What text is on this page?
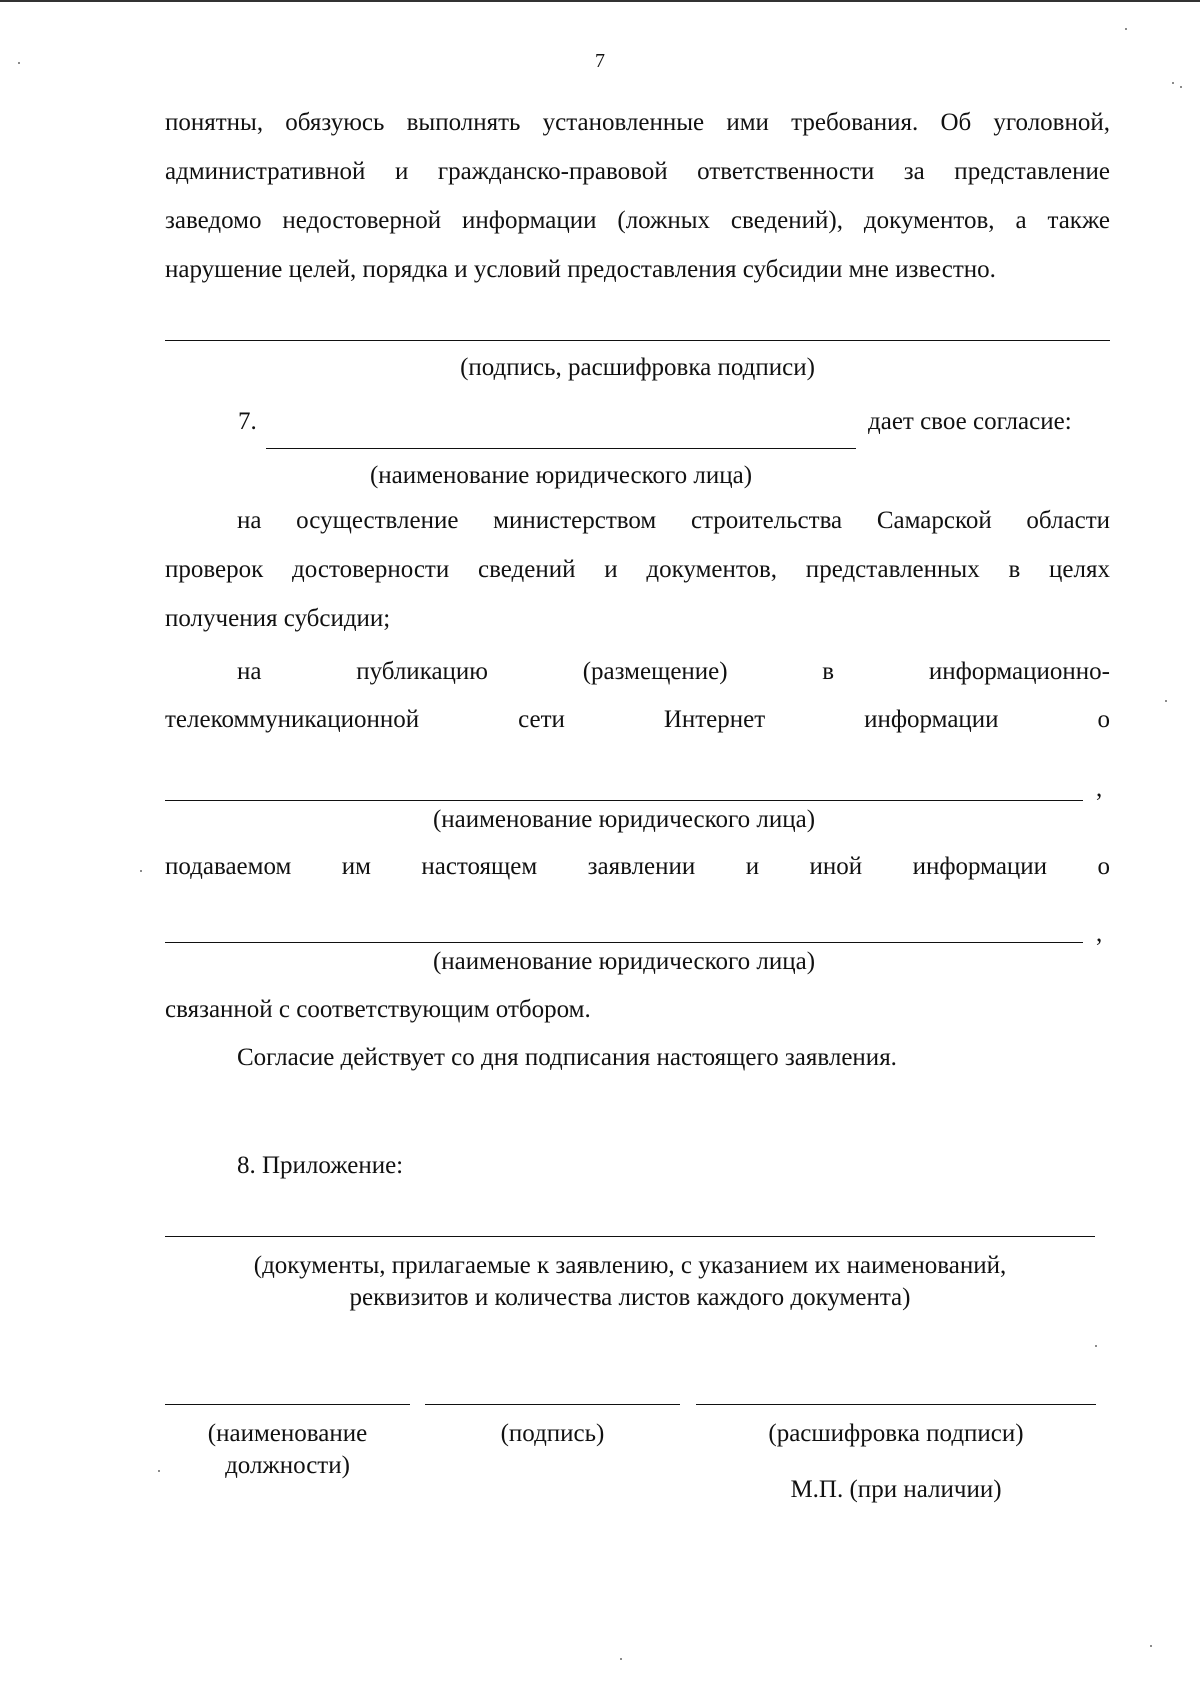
7
понятны, обязуюсь выполнять установленные ими требования. Об уголовной,
административной и гражданско-правовой ответственности за представление
заведомо недостоверной информации (ложных сведений), документов, а также
нарушение целей, порядка и условий предоставления субсидии мне известно.
(подпись, расшифровка подписи)
7.	дает свое согласие:
(наименование юридического лица)
на осуществление министерством строительства Самарской области
проверок достоверности сведений и документов, представленных в целях
получения субсидии;
на	публикацию	(размещение)	в	информационно-
телекоммуникационной	сети	Интернет	информации	о
,
(наименование юридического лица)
подаваемом им настоящем заявлении и иной информации о
,
(наименование юридического лица)
связанной с соответствующим отбором.
Согласие действует со дня подписания настоящего заявления.
8. Приложение:
(документы, прилагаемые к заявлению, с указанием их наименований,
реквизитов и количества листов каждого документа)
(наименование
должности)
(подпись)	(расшифровка подписи)
М.П. (при наличии)
